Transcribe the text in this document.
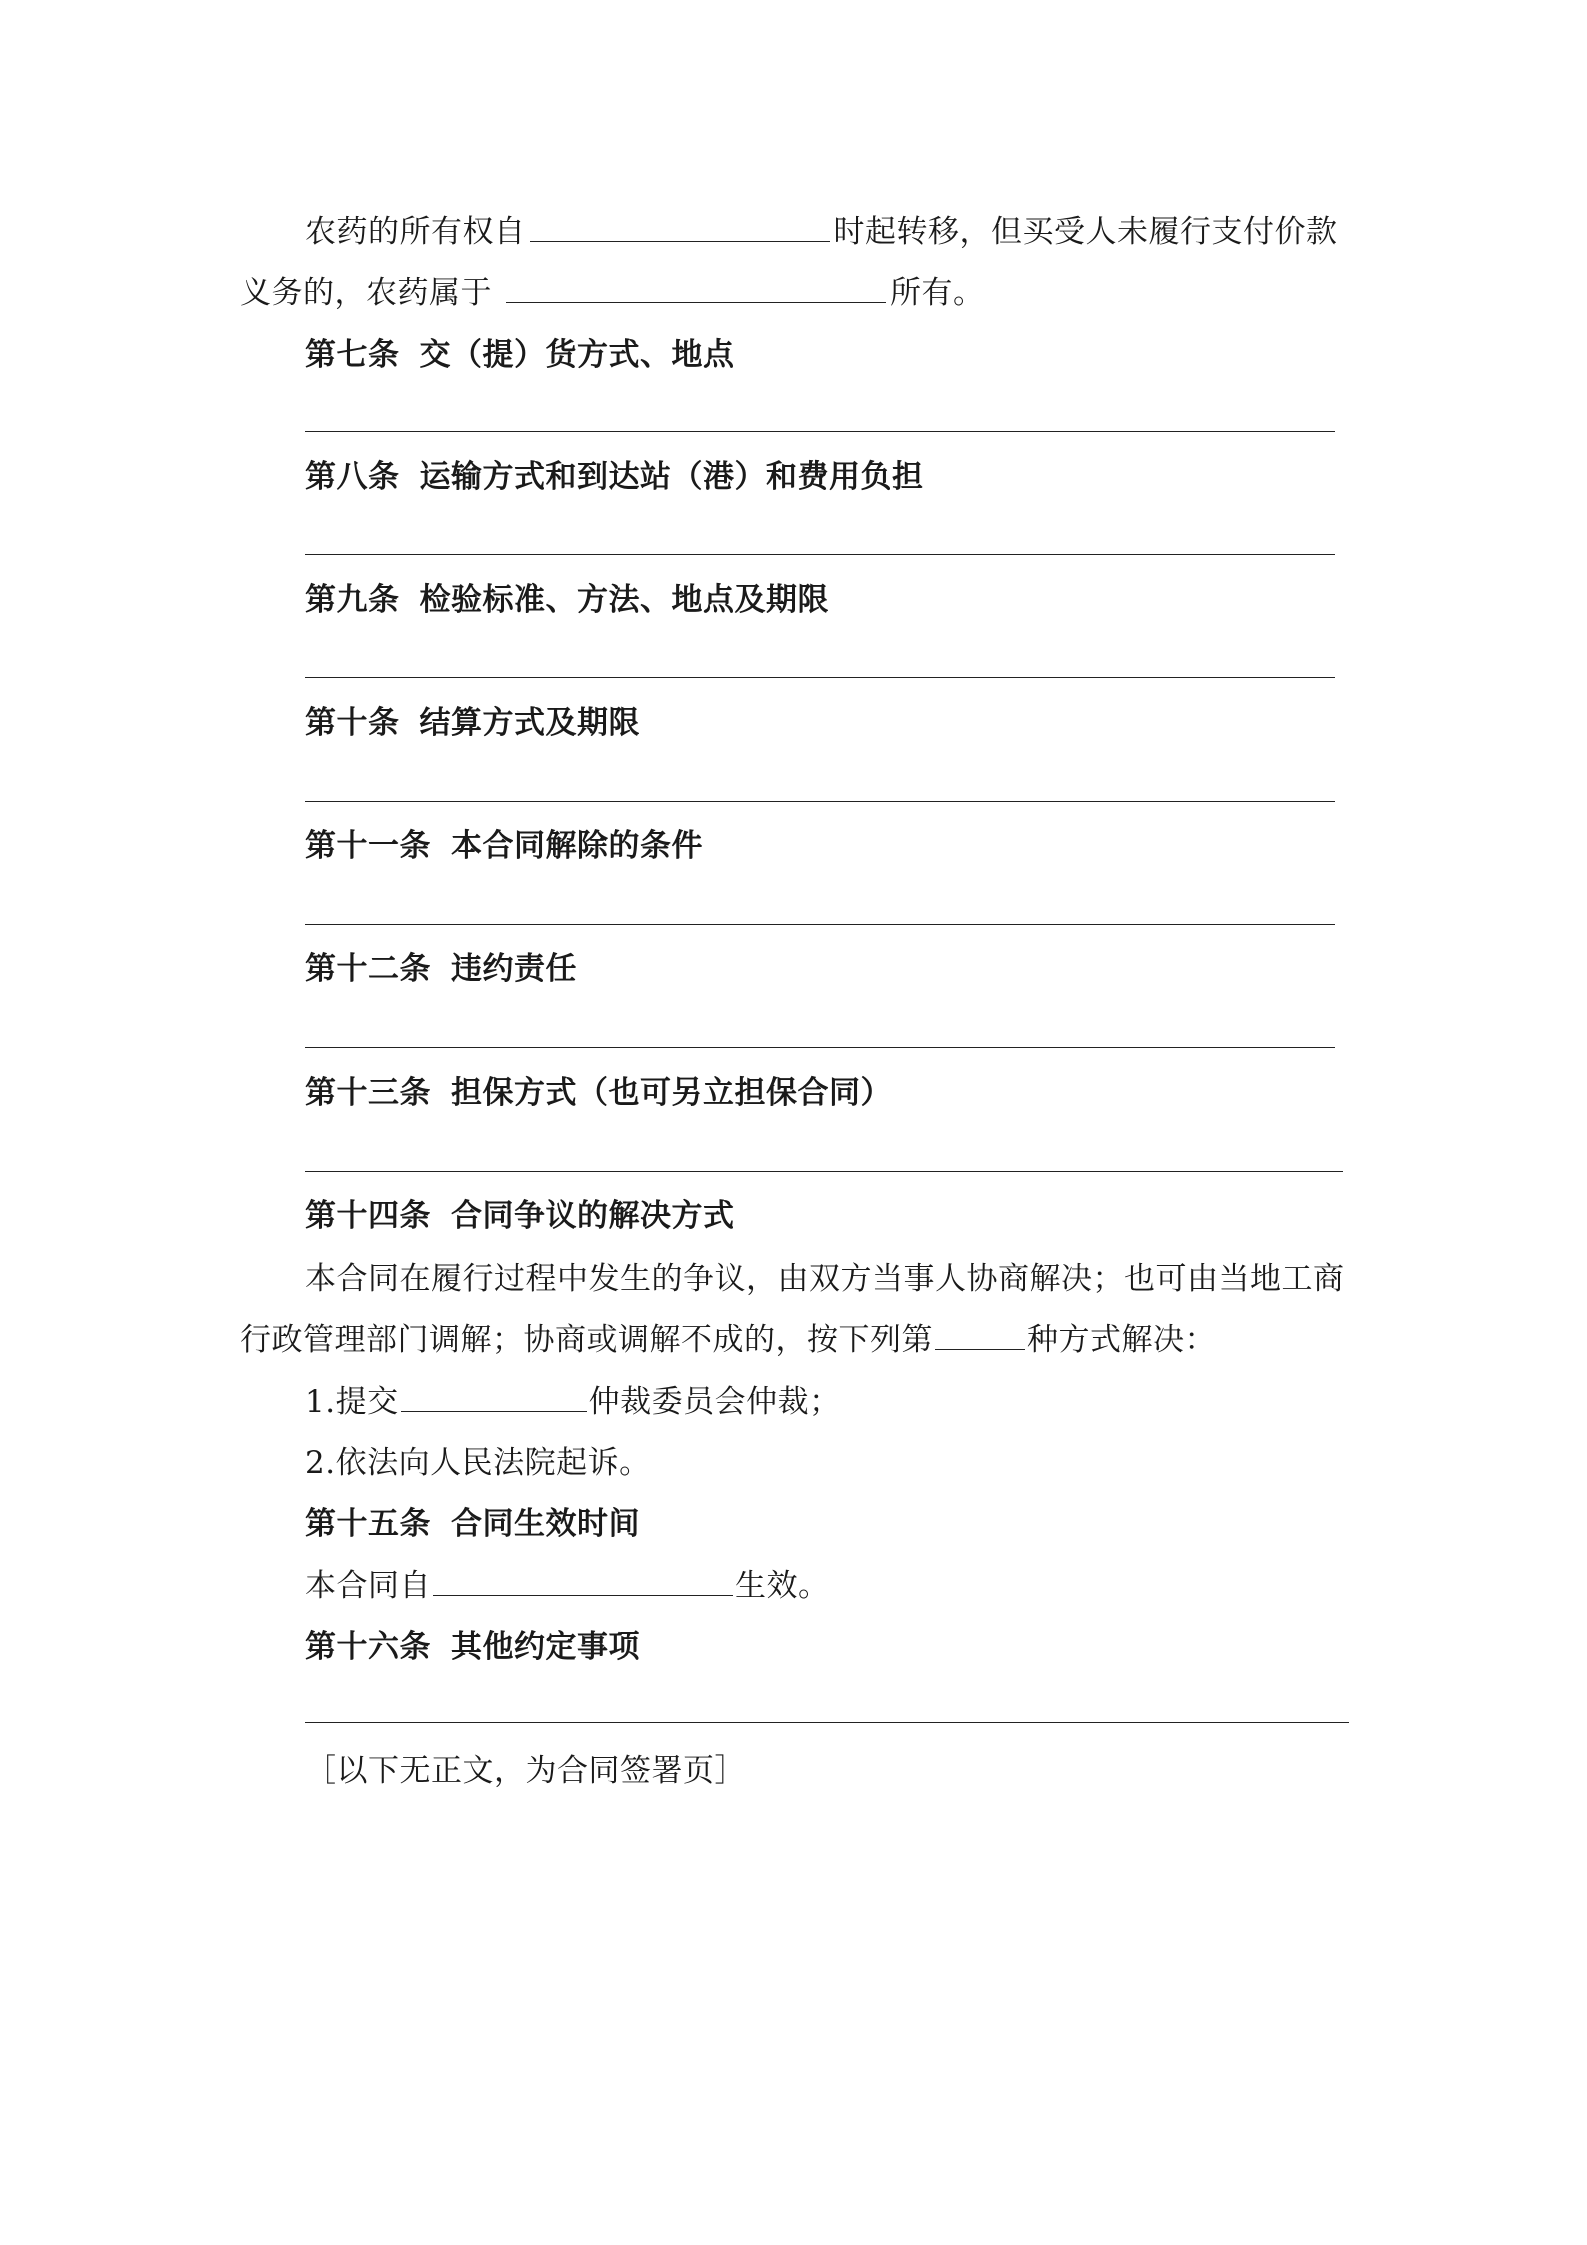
农药的所有权自	时起转移，但买受人未履行支付价款
义务的，农药属于	所有。
第七条 交（提）货方式、地点
第八条 运输方式和到达站（港）和费用负担
第九条 检验标准、方法、地点及期限
第十条 结算方式及期限
第十一条 本合同解除的条件
第十二条 违约责任
第十三条 担保方式（也可另立担保合同）
第十四条 合同争议的解决方式
本合同在履行过程中发生的争议，由双方当事人协商解决；也可由当地工商
行政管理部门调解；协商或调解不成的，按下列第	种方式解决：
1.提交	仲裁委员会仲裁；
2.依法向人民法院起诉。
第十五条 合同生效时间
本合同自	生效。
第十六条 其他约定事项
［以下无正文，为合同签署页］
